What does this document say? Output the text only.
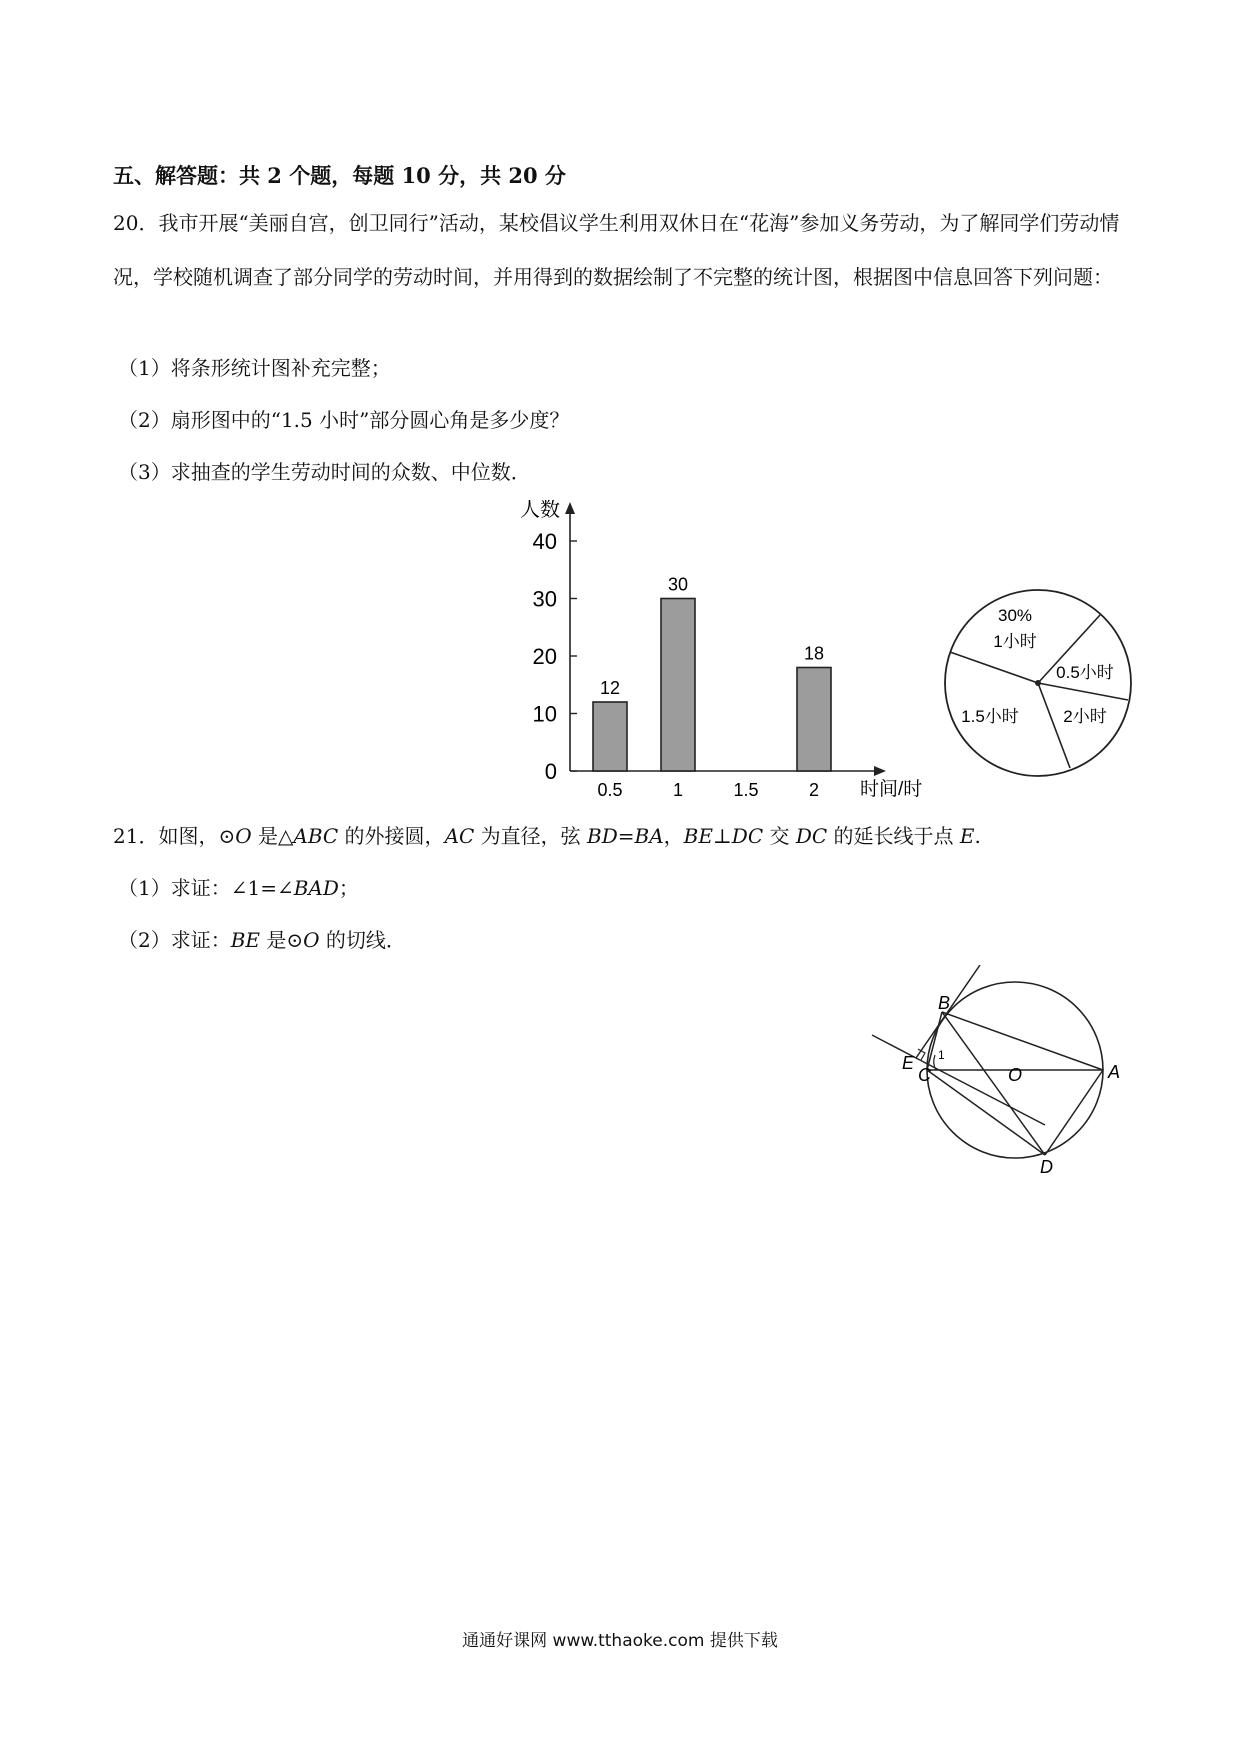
五、解答题：共 2 个题，每题 10 分，共 20 分
20．我市开展“美丽自宫，创卫同行”活动，某校倡议学生利用双休日在“花海”参加义务劳动，为了解同学们劳动情况，学校随机调查了部分同学的劳动时间，并用得到的数据绘制了不完整的统计图，根据图中信息回答下列问题：
（1）将条形统计图补充完整；
（2）扇形图中的“1.5 小时”部分圆心角是多少度？
（3）求抽查的学生劳动时间的众数、中位数．
人数
时间/时
0
10
20
30
40
0.5
12
1
30
1.5	2
18
30%
1小时
0.5小时
1.5小时	2小时
21．如图，⊙O 是△ABC 的外接圆，AC 为直径，弦 BD=BA，BE⊥DC 交 DC 的延长线于点 E.
（1）求证：∠1=∠BAD；
（2）求证：BE 是⊙O 的切线．
B
E
C	O	A
D
1
通通好课网 www.tthaoke.com 提供下载
